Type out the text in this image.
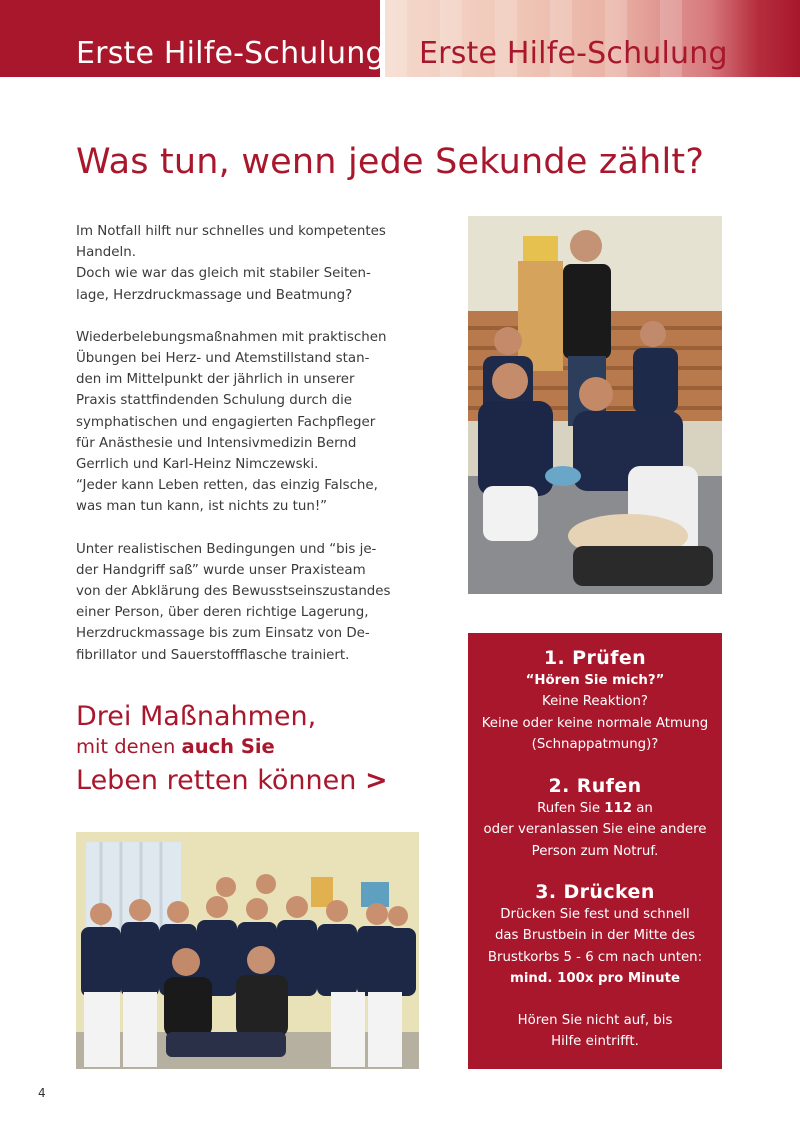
Erste Hilfe-Schulung Erste Hilfe-Schulung
Was tun, wenn jede Sekunde zählt?

Im Notfall hilft nur schnelles und kompetentes
Handeln.
Doch wie war das gleich mit stabiler Seiten-
lage, Herzdruckmassage und Beatmung?

Wiederbelebungsmaßnahmen mit praktischen
Übungen bei Herz- und Atemstillstand stan-
den im Mittelpunkt der jährlich in unserer
Praxis stattfindenden Schulung durch die
symphatischen und engagierten Fachpfleger
für Anästhesie und Intensivmedizin Bernd
Gerrlich und Karl-Heinz Nimczewski.
“Jeder kann Leben retten, das einzig Falsche,
was man tun kann, ist nichts zu tun!”

Unter realistischen Bedingungen und “bis je-
der Handgriff saß” wurde unser Praxisteam
von der Abklärung des Bewusstseinszustandes
einer Person, über deren richtige Lagerung,
Herzdruckmassage bis zum Einsatz von De-
fibrillator und Sauerstoffflasche trainiert.

Drei Maßnahmen,
mit denen auch Sie
Leben retten können >
1. Prüfen
“Hören Sie mich?”
Keine Reaktion?
Keine oder keine normale Atmung
(Schnappatmung)?
2. Rufen
Rufen Sie 112 an
oder veranlassen Sie eine andere
Person zum Notruf.
3. Drücken
Drücken Sie fest und schnell
das Brustbein in der Mitte des
Brustkorbs 5 - 6 cm nach unten:
mind. 100x pro Minute
Hören Sie nicht auf, bis
Hilfe eintrifft.
4
